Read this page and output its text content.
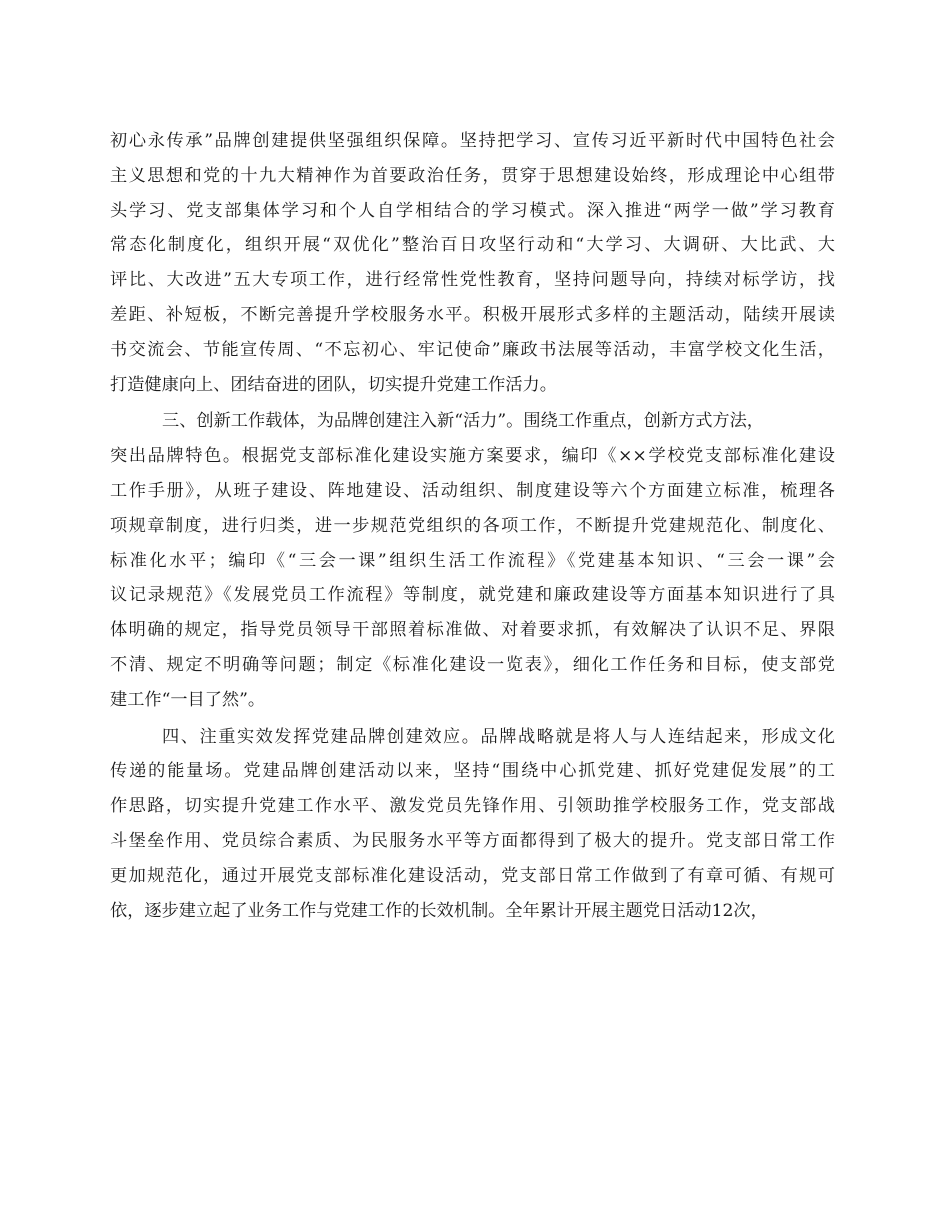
初心永传承”品牌创建提供坚强组织保障。坚持把学习、宣传习近平新时代中国特色社会
主义思想和党的十九大精神作为首要政治任务，贯穿于思想建设始终，形成理论中心组带
头学习、党支部集体学习和个人自学相结合的学习模式。深入推进“两学一做”学习教育
常态化制度化，组织开展“双优化”整治百日攻坚行动和“大学习、大调研、大比武、大
评比、大改进”五大专项工作，进行经常性党性教育，坚持问题导向，持续对标学访，找
差距、补短板，不断完善提升学校服务水平。积极开展形式多样的主题活动，陆续开展读
书交流会、节能宣传周、“不忘初心、牢记使命”廉政书法展等活动，丰富学校文化生活，
打造健康向上、团结奋进的团队，切实提升党建工作活力。
三、创新工作载体，为品牌创建注入新“活力”。围绕工作重点，创新方式方法，
突出品牌特色。根据党支部标准化建设实施方案要求，编印《××学校党支部标准化建设
工作手册》，从班子建设、阵地建设、活动组织、制度建设等六个方面建立标准，梳理各
项规章制度，进行归类，进一步规范党组织的各项工作，不断提升党建规范化、制度化、
标准化水平；编印《“三会一课”组织生活工作流程》《党建基本知识、“三会一课”会
议记录规范》《发展党员工作流程》等制度，就党建和廉政建设等方面基本知识进行了具
体明确的规定，指导党员领导干部照着标准做、对着要求抓，有效解决了认识不足、界限
不清、规定不明确等问题；制定《标准化建设一览表》，细化工作任务和目标，使支部党
建工作“一目了然”。
四、注重实效发挥党建品牌创建效应。品牌战略就是将人与人连结起来，形成文化
传递的能量场。党建品牌创建活动以来，坚持“围绕中心抓党建、抓好党建促发展”的工
作思路，切实提升党建工作水平、激发党员先锋作用、引领助推学校服务工作，党支部战
斗堡垒作用、党员综合素质、为民服务水平等方面都得到了极大的提升。党支部日常工作
更加规范化，通过开展党支部标准化建设活动，党支部日常工作做到了有章可循、有规可
依，逐步建立起了业务工作与党建工作的长效机制。全年累计开展主题党日活动12次，
